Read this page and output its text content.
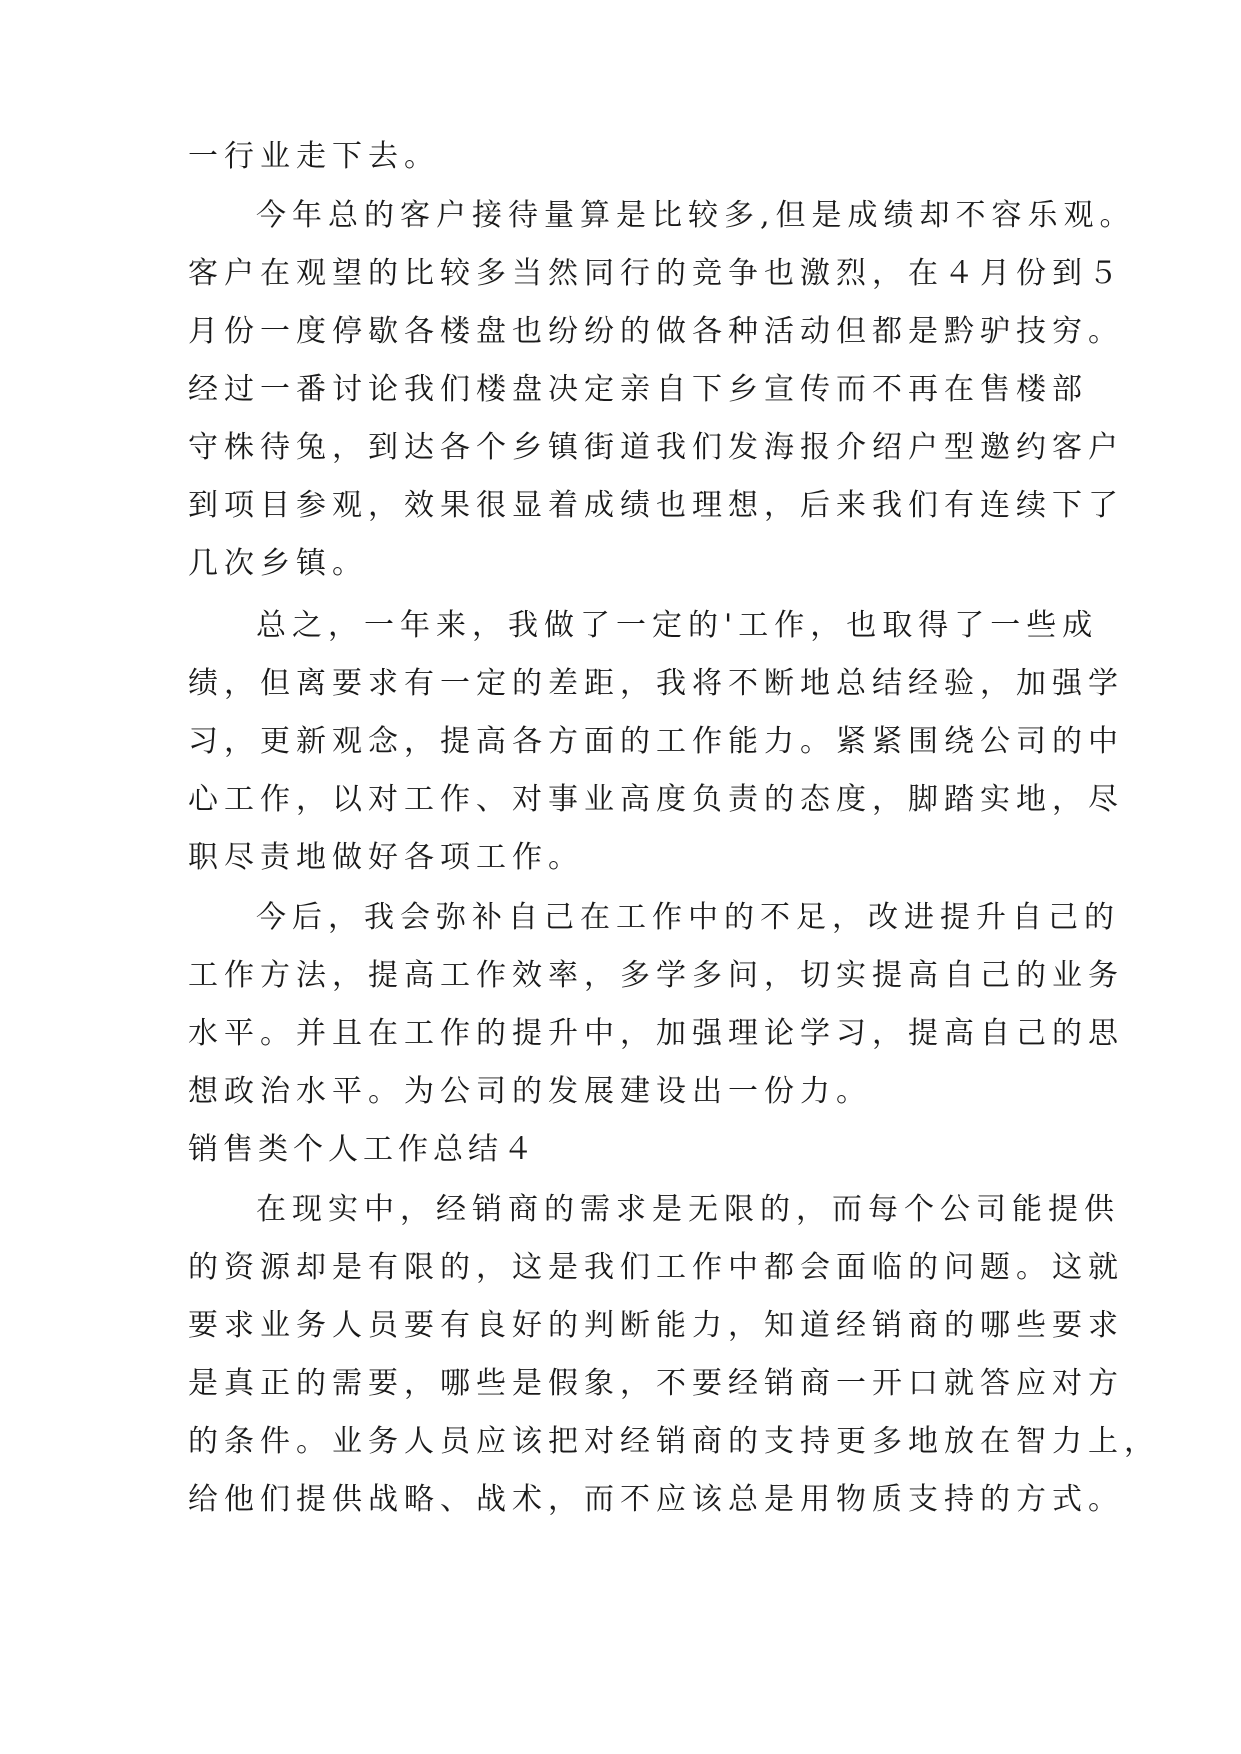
一行业走下去。
今年总的客户接待量算是比较多,但是成绩却不容乐观。
客户在观望的比较多当然同行的竞争也激烈，在４月份到５
月份一度停歇各楼盘也纷纷的做各种活动但都是黔驴技穷。
经过一番讨论我们楼盘决定亲自下乡宣传而不再在售楼部
守株待兔，到达各个乡镇街道我们发海报介绍户型邀约客户
到项目参观，效果很显着成绩也理想，后来我们有连续下了
几次乡镇。
总之，一年来，我做了一定的'工作，也取得了一些成
绩，但离要求有一定的差距，我将不断地总结经验，加强学
习，更新观念，提高各方面的工作能力。紧紧围绕公司的中
心工作，以对工作、对事业高度负责的态度，脚踏实地，尽
职尽责地做好各项工作。
今后，我会弥补自己在工作中的不足，改进提升自己的
工作方法，提高工作效率，多学多问，切实提高自己的业务
水平。并且在工作的提升中，加强理论学习，提高自己的思
想政治水平。为公司的发展建设出一份力。
销售类个人工作总结４
在现实中，经销商的需求是无限的，而每个公司能提供
的资源却是有限的，这是我们工作中都会面临的问题。这就
要求业务人员要有良好的判断能力，知道经销商的哪些要求
是真正的需要，哪些是假象，不要经销商一开口就答应对方
的条件。业务人员应该把对经销商的支持更多地放在智力上，
给他们提供战略、战术，而不应该总是用物质支持的方式。
